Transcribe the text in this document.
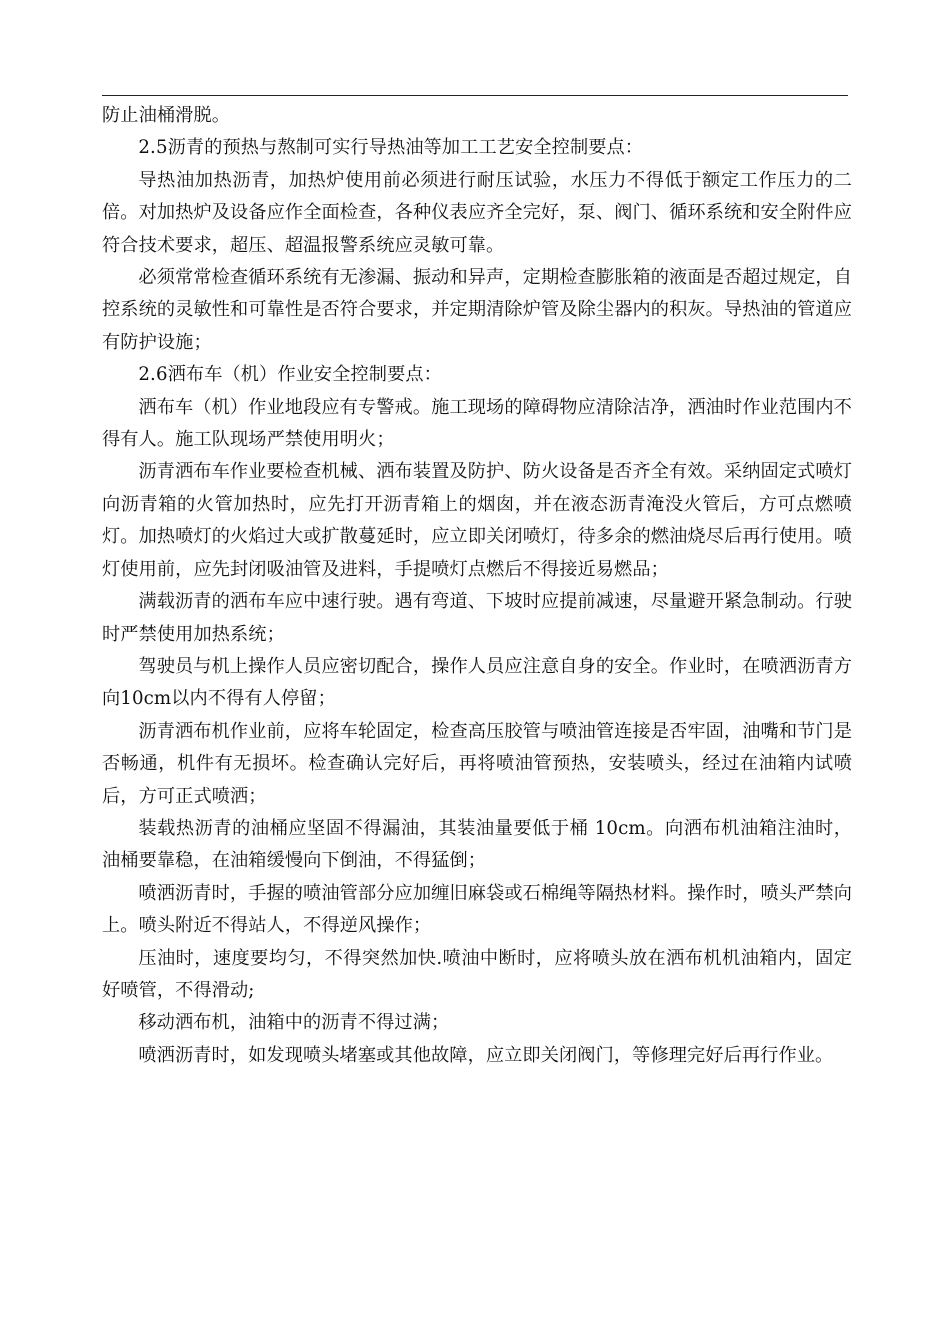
防止油桶滑脱。

2.5沥青的预热与熬制可实行导热油等加工工艺安全控制要点：

导热油加热沥青，加热炉使用前必须进行耐压试验，水压力不得低于额定工作压力的二倍。对加热炉及设备应作全面检查，各种仪表应齐全完好，泵、阀门、循环系统和安全附件应符合技术要求，超压、超温报警系统应灵敏可靠。

必须常常检查循环系统有无渗漏、振动和异声，定期检查膨胀箱的液面是否超过规定，自控系统的灵敏性和可靠性是否符合要求，并定期清除炉管及除尘器内的积灰。导热油的管道应有防护设施；

2.6洒布车（机）作业安全控制要点：

洒布车（机）作业地段应有专警戒。施工现场的障碍物应清除洁净，洒油时作业范围内不得有人。施工队现场严禁使用明火；

沥青洒布车作业要检查机械、洒布装置及防护、防火设备是否齐全有效。采纳固定式喷灯向沥青箱的火管加热时，应先打开沥青箱上的烟囱，并在液态沥青淹没火管后，方可点燃喷灯。加热喷灯的火焰过大或扩散蔓延时，应立即关闭喷灯，待多余的燃油烧尽后再行使用。喷灯使用前，应先封闭吸油管及进料，手提喷灯点燃后不得接近易燃品；

满载沥青的洒布车应中速行驶。遇有弯道、下坡时应提前减速，尽量避开紧急制动。行驶时严禁使用加热系统；

驾驶员与机上操作人员应密切配合，操作人员应注意自身的安全。作业时，在喷洒沥青方向10cm以内不得有人停留；

沥青洒布机作业前，应将车轮固定，检查高压胶管与喷油管连接是否牢固，油嘴和节门是否畅通，机件有无损坏。检查确认完好后，再将喷油管预热，安装喷头，经过在油箱内试喷后，方可正式喷洒；

装载热沥青的油桶应坚固不得漏油，其装油量要低于桶 10cm。向洒布机油箱注油时，油桶要靠稳，在油箱缓慢向下倒油，不得猛倒；

喷洒沥青时，手握的喷油管部分应加缠旧麻袋或石棉绳等隔热材料。操作时，喷头严禁向上。喷头附近不得站人，不得逆风操作；

压油时，速度要均匀，不得突然加快.喷油中断时，应将喷头放在洒布机机油箱内，固定好喷管，不得滑动;

移动洒布机，油箱中的沥青不得过满；

喷洒沥青时，如发现喷头堵塞或其他故障，应立即关闭阀门，等修理完好后再行作业。
